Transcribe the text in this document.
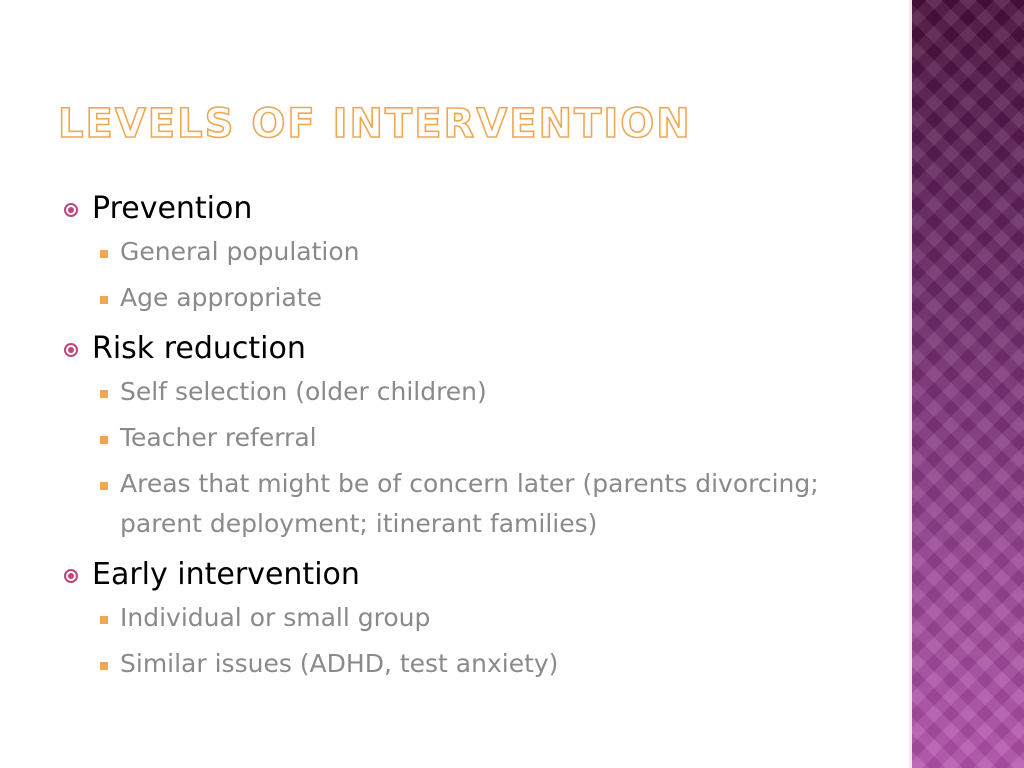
LEVELS OF INTERVENTION
Prevention
General population
Age appropriate
Risk reduction
Self selection (older children)
Teacher referral
Areas that might be of concern later (parents divorcing; parent deployment; itinerant families)
Early intervention
Individual or small group
Similar issues (ADHD, test anxiety)
